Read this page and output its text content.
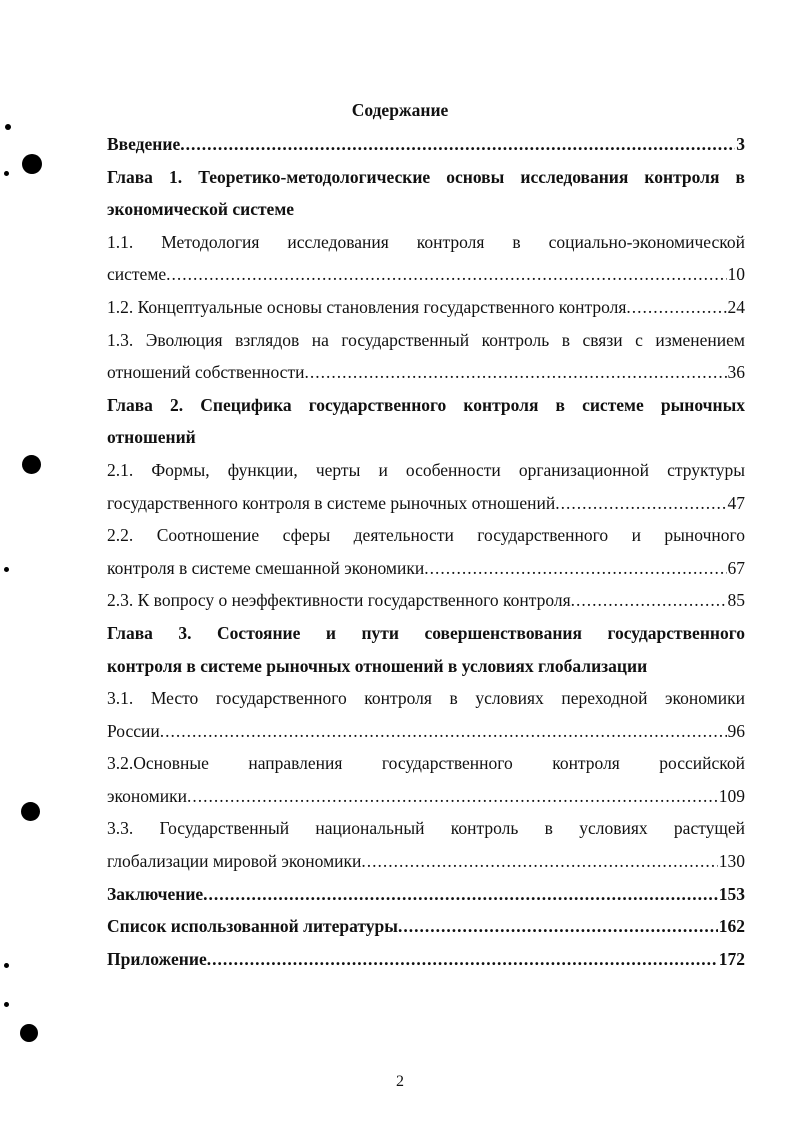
Содержание
Введение .....	3
Глава 1. Теоретико-методологические основы исследования контроля в
экономической системе
1.1. Методология исследования контроля в социально-экономической
системе .....	10
1.2. Концептуальные основы становления государственного контроля .....	24
1.3. Эволюция взглядов на государственный контроль в связи с изменением
отношений собственности .....	36
Глава 2. Специфика государственного контроля в системе рыночных
отношений
2.1. Формы, функции, черты и особенности организационной структуры
государственного контроля в системе рыночных отношений .....	47
2.2. Соотношение сферы деятельности государственного и рыночного
контроля в системе смешанной экономики .....	67
2.3. К вопросу о неэффективности государственного контроля .....	85
Глава 3. Состояние и пути совершенствования государственного
контроля в системе рыночных отношений в условиях глобализации
3.1. Место государственного контроля в условиях переходной экономики
России .....	96
3.2.Основные направления государственного контроля российской
экономики .....	109
3.3. Государственный национальный контроль в условиях растущей
глобализации мировой экономики .....	130
Заключение .....	153
Список использованной литературы .....	162
Приложение .....	172
2
